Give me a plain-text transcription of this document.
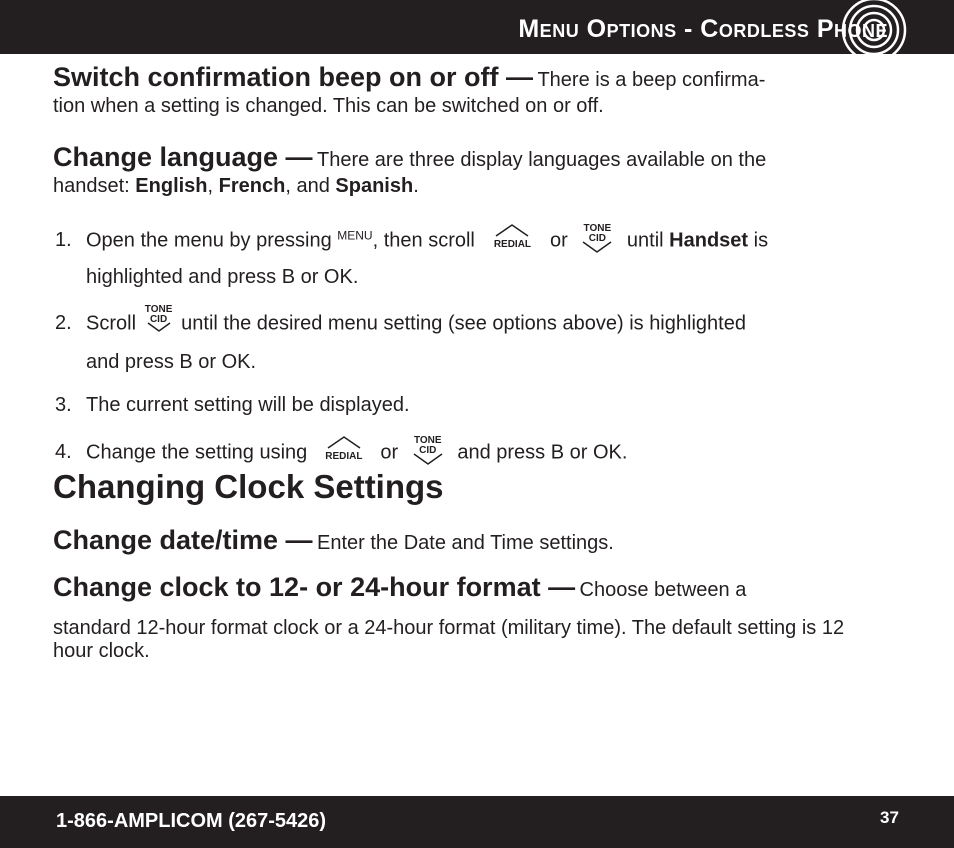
Menu Options - Cordless Phone
Switch confirmation beep on or off — There is a beep confirma-
tion when a setting is changed. This can be switched on or off.
Change language — There are three display languages available on the
handset: English, French, and Spanish.
1. Open the menu by pressing $^{MENU}$, then scroll	REDIAL or
TONE
CID	until Handset is
highlighted and press B or OK.
2. Scroll
TONE
CID until the desired menu setting (see options above) is highlighted
and press B or OK.
3. The current setting will be displayed.
4. Change the setting using	REDIAL or
TONE
CID	and press B or OK.
Changing Clock Settings
Change date/time — Enter the Date and Time settings.
Change clock to 12- or 24-hour format — Choose between a
standard 12-hour format clock or a 24-hour format (military time). The default setting is 12 hour clock.
1-866-AMPLICOM (267-5426)	37
